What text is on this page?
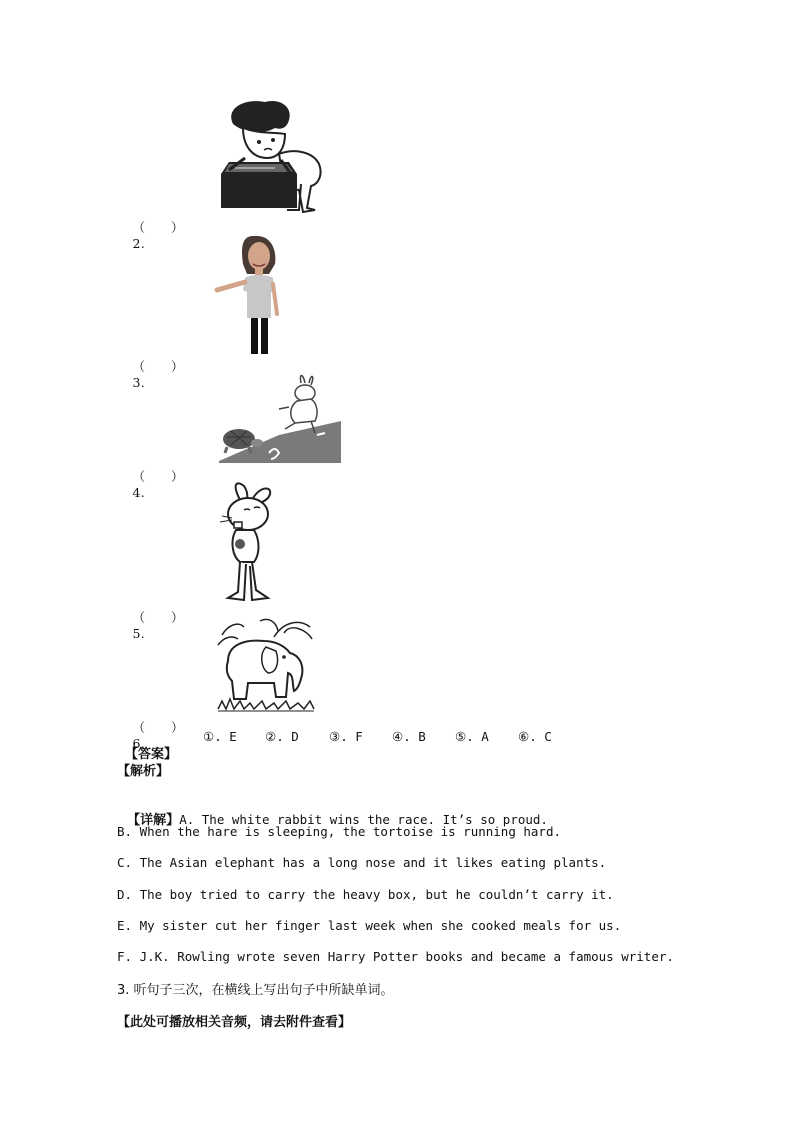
（　　）
2.

（　　）
3.

（　　）
4.

（　　）
5.

（　　）
6.

【答案】

①. E ②. D ③. F ④. B ⑤. A ⑥. C
【解析】

【详解】A. The white rabbit wins the race. It’s so proud.

B. When the hare is sleeping, the tortoise is running hard.
C. The Asian elephant has a long nose and it likes eating plants.
D. The boy tried to carry the heavy box, but he couldn’t carry it.
E. My sister cut her finger last week when she cooked meals for us.
F. J.K. Rowling wrote seven Harry Potter books and became a famous writer.
3. 听句子三次，在横线上写出句子中所缺单词。
【此处可播放相关音频，请去附件查看】
